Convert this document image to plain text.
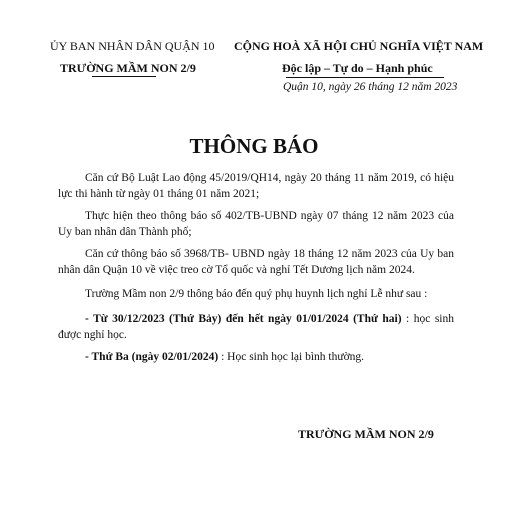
ỦY BAN NHÂN DÂN QUẬN 10
TRƯỜNG MẦM NON 2/9
CỘNG HOÀ XÃ HỘI CHỦ NGHĨA VIỆT NAM
Độc lập – Tự do – Hạnh phúc
Quận 10, ngày 26 tháng 12 năm 2023
THÔNG BÁO
Căn cứ Bộ Luật Lao động 45/2019/QH14, ngày 20 tháng 11 năm 2019, có hiệu lực thi hành từ ngày 01 tháng 01 năm 2021;
Thực hiện theo thông báo số 402/TB-UBND ngày 07 tháng 12 năm 2023 của Uy ban nhân dân Thành phố;
Căn cứ thông báo số 3968/TB- UBND ngày 18 tháng 12 năm 2023 của Uy ban nhân dân Quận 10 về việc treo cờ Tổ quốc và nghỉ Tết Dương lịch năm 2024.
Trường Mầm non 2/9 thông báo đến quý phụ huynh lịch nghỉ Lễ như sau :
- Từ 30/12/2023 (Thứ Bảy) đến hết ngày 01/01/2024 (Thứ hai) : học sinh được nghỉ học.
- Thứ Ba (ngày 02/01/2024) : Học sinh học lại bình thường.
TRƯỜNG MẦM NON 2/9
